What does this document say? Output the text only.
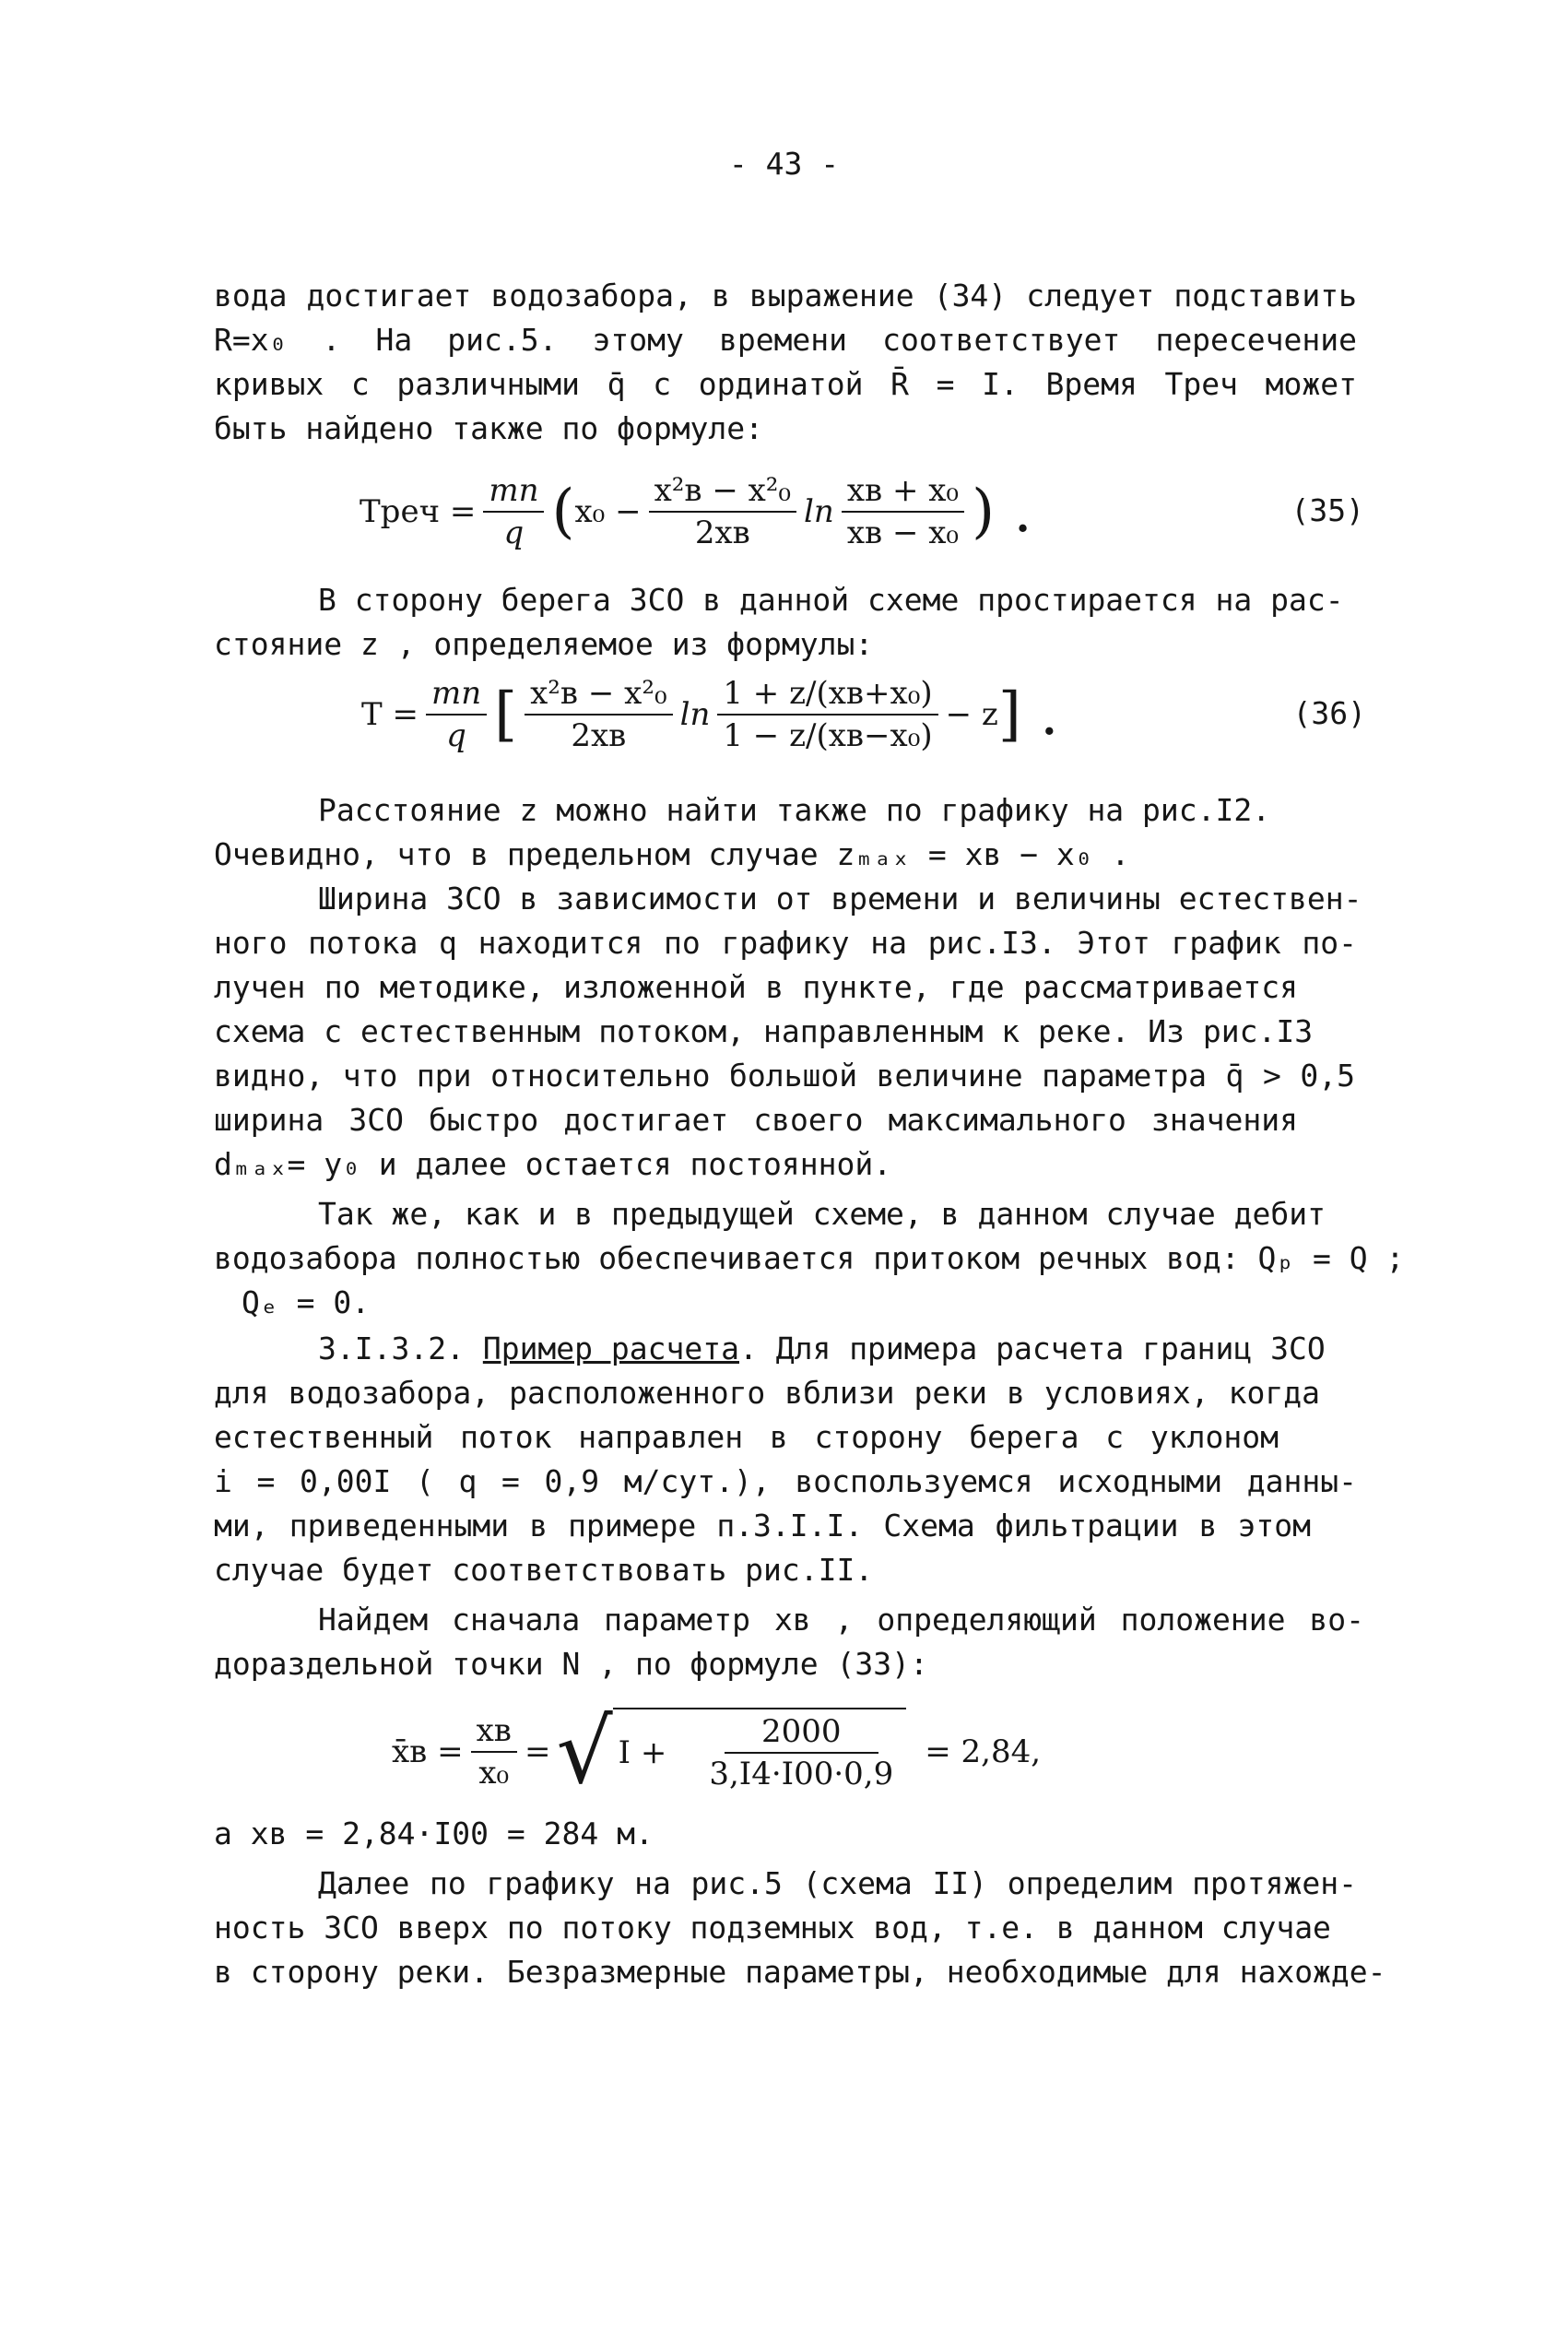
- 43 -
вода достигает водозабора, в выражение (34) следует подставить
R=x₀ . На рис.5. этому времени соответствует пересечение
кривых с различными q̄ с ординатой R̄ = I. Время Tреч может
быть найдено также по формуле:
Tреч = $\frac{mn}{q}$ ( $x_0 - \frac{\text{x²в − x²₀}}{2xв}$ $\ln \frac{\text{xв + x₀}}{\text{xв − x₀}}$ ) .	(35)
В сторону берега ЗСО в данной схеме простирается на рас-
стояние z , определяемое из формулы:
$T = \frac{mn}{q}$ [ $\frac{\text{x²в − x²₀}}{2xв}$ $\ln \frac{\text{1 + z/(xв+x₀)}}{\text{1 − z/(xв−x₀)}} - z$ ] .	(36)
Расстояние z можно найти также по графику на рис.I2.
Очевидно, что в предельном случае zₘₐₓ = xв − x₀ .
Ширина ЗСО в зависимости от времени и величины естествен-
ного потока q находится по графику на рис.I3. Этот график по-
лучен по методике, изложенной в пункте, где рассматривается
схема с естественным потоком, направленным к реке. Из рис.I3
видно, что при относительно большой величине параметра q̄ > 0,5
ширина ЗСО быстро достигает своего максимального значения
dₘₐₓ= y₀ и далее остается постоянной.
Так же, как и в предыдущей схеме, в данном случае дебит
водозабора полностью обеспечивается притоком речных вод: Qₚ = Q ;
Qₑ = 0.
3.I.3.2. Пример расчета. Для примера расчета границ ЗСО
для водозабора, расположенного вблизи реки в условиях, когда
естественный поток направлен в сторону берега с уклоном
i = 0,00I ( q = 0,9 м/сут.), воспользуемся исходными данны-
ми, приведенными в примере п.3.I.I. Схема фильтрации в этом
случае будет соответствовать рис.II.
Найдем сначала параметр xв , определяющий положение во-
дораздельной точки N , по формуле (33):
x̄в = $\frac{xв}{\text{x₀}}$ = √ $I + \frac{2000}{3,I4\cdot I00\cdot 0,9} = 2,84$,
а xв = 2,84·I00 = 284 м.
Далее по графику на рис.5 (схема II) определим протяжен-
ность ЗСО вверх по потоку подземных вод, т.е. в данном случае
в сторону реки. Безразмерные параметры, необходимые для нахожде-
